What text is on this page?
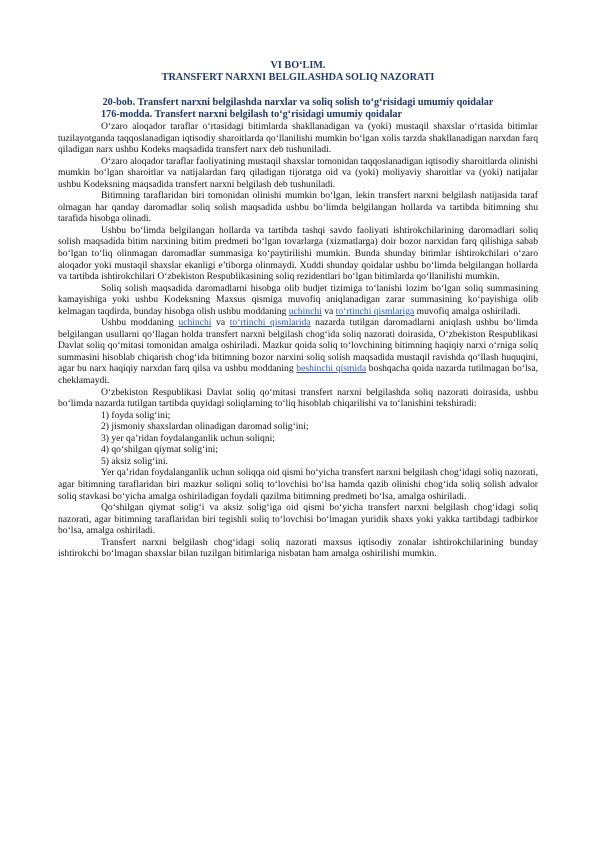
VI BO‘LIM.
TRANSFERT NARXNI BELGILASHDA SOLIQ NAZORATI
20-bob. Transfert narxni belgilashda narxlar va soliq solish to‘g‘risidagi umumiy qoidalar
176-modda. Transfert narxni belgilash to‘g‘risidagi umumiy qoidalar

O‘zaro aloqador taraflar o‘rtasidagi bitimlarda shakllanadigan va (yoki) mustaqil shaxslar o‘rtasida bitimlar tuzilayotganda taqqoslanadigan iqtisodiy sharoitlarda qo‘llanilishi mumkin bo‘lgan xolis tarzda shakllanadigan narxdan farq qiladigan narx ushbu Kodeks maqsadida transfert narx deb tushuniladi.

O‘zaro aloqador taraflar faoliyatining mustaqil shaxslar tomonidan taqqoslanadigan iqtisodiy sharoitlarda olinishi mumkin bo‘lgan sharoitlar va natijalardan farq qiladigan tijoratga oid va (yoki) moliyaviy sharoitlar va (yoki) natijalar ushbu Kodeksning maqsadida transfert narxni belgilash deb tushuniladi.

Bitimning taraflaridan biri tomonidan olinishi mumkin bo‘lgan, lekin transfert narxni belgilash natijasida taraf olmagan har qanday daromadlar soliq solish maqsadida ushbu bo‘limda belgilangan hollarda va tartibda bitimning shu tarafida hisobga olinadi.

Ushbu bo‘limda belgilangan hollarda va tartibda tashqi savdo faoliyati ishtirokchilarining daromadlari soliq solish maqsadida bitim narxining bitim predmeti bo‘lgan tovarlarga (xizmatlarga) doir bozor narxidan farq qilishiga sabab bo‘lgan to‘liq olinmagan daromadlar summasiga ko‘paytirilishi mumkin. Bunda shunday bitimlar ishtirokchilari o‘zaro aloqador yoki mustaqil shaxslar ekanligi e’tiborga olinmaydi. Xuddi shunday qoidalar ushbu bo‘limda belgilangan hollarda va tartibda ishtirokchilari O‘zbekiston Respublikasining soliq rezidentlari bo‘lgan bitimlarda qo‘llanilishi mumkin.

Soliq solish maqsadida daromadlarni hisobga olib budjet tizimiga to‘lanishi lozim bo‘lgan soliq summasining kamayishiga yoki ushbu Kodeksning Maxsus qismiga muvofiq aniqlanadigan zarar summasining ko‘payishiga olib kelmagan taqdirda, bunday hisobga olish ushbu moddaning uchinchi va to‘rtinchi qismlariga muvofiq amalga oshiriladi.

Ushbu moddaning uchinchi va to‘rtinchi qismlarida nazarda tutilgan daromadlarni aniqlash ushbu bo‘limda belgilangan usullarni qo‘llagan holda transfert narxni belgilash chog‘ida soliq nazorati doirasida, O‘zbekiston Respublikasi Davlat soliq qo‘mitasi tomonidan amalga oshiriladi. Mazkur qoida soliq to‘lovchining bitimning haqiqiy narxi o‘rniga soliq summasini hisoblab chiqarish chog‘ida bitimning bozor narxini soliq solish maqsadida mustaqil ravishda qo‘llash huquqini, agar bu narx haqiqiy narxdan farq qilsa va ushbu moddaning beshinchi qismida boshqacha qoida nazarda tutilmagan bo‘lsa, cheklamaydi.

O‘zbekiston Respublikasi Davlat soliq qo‘mitasi transfert narxni belgilashda soliq nazorati doirasida, ushbu bo‘limda nazarda tutilgan tartibda quyidagi soliqlarning to‘liq hisoblab chiqarilishi va to‘lanishini tekshiradi:

1) foyda solig‘ini;
2) jismoniy shaxslardan olinadigan daromad solig‘ini;
3) yer qa’ridan foydalanganlik uchun soliqni;
4) qo‘shilgan qiymat solig‘ini;
5) aksiz solig‘ini.

Yer qa’ridan foydalanganlik uchun soliqqa oid qismi bo‘yicha transfert narxni belgilash chog‘idagi soliq nazorati, agar bitimning taraflaridan biri mazkur soliqni soliq to‘lovchisi bo‘lsa hamda qazib olinishi chog‘ida soliq solish advalor soliq stavkasi bo‘yicha amalga oshiriladigan foydali qazilma bitimning predmeti bo‘lsa, amalga oshiriladi.

Qo‘shilgan qiymat solig‘i va aksiz solig‘iga oid qismi bo‘yicha transfert narxni belgilash chog‘idagi soliq nazorati, agar bitimning taraflaridan biri tegishli soliq to‘lovchisi bo‘lmagan yuridik shaxs yoki yakka tartibdagi tadbirkor bo‘lsa, amalga oshiriladi.

Transfert narxni belgilash chog‘idagi soliq nazorati maxsus iqtisodiy zonalar ishtirokchilarining bunday ishtirokchi bo‘lmagan shaxslar bilan tuzilgan bitimlariga nisbatan ham amalga oshirilishi mumkin.
